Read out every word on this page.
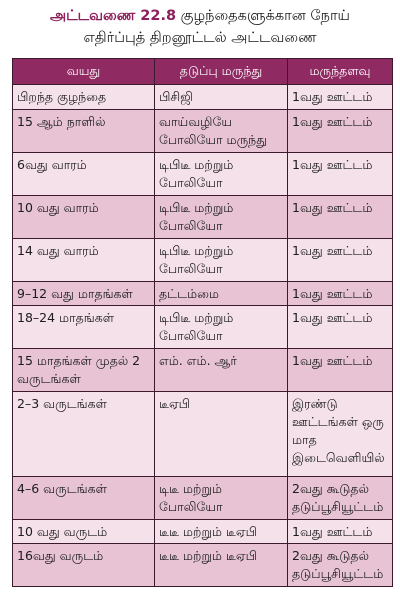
அட்டவணை 22.8 குழந்தைகளுக்கான நோய்
எதிர்ப்புத் திறனூட்டல் அட்டவணை
வயது	தடுப்பு மருந்து	மருந்தளவு
பிறந்த குழந்தை	பிசிஜி	1வது ஊட்டம்
15 ஆம் நாளில்	வாய்வழியே போலியோ மருந்து	1வது ஊட்டம்
6வது வாரம்	டிபிடீ மற்றும் போலியோ	1வது ஊட்டம்
10 வது வாரம்	டிபிடீ மற்றும் போலியோ	1வது ஊட்டம்
14 வது வாரம்	டிபிடீ மற்றும் போலியோ	1வது ஊட்டம்
9–12 வது மாதங்கள்	தட்டம்மை	1வது ஊட்டம்
18–24 மாதங்கள்	டிபிடீ மற்றும் போலியோ	1வது ஊட்டம்
15 மாதங்கள் முதல் 2 வருடங்கள்	எம். எம். ஆர்	1வது ஊட்டம்
2–3 வருடங்கள்	டீஏபி	இரண்டு ஊட்டங்கள் ஒரு மாத இடைவெளியில்
4–6 வருடங்கள்	டிடீ மற்றும் போலியோ	2வது கூடுதல் தடுப்பூசியூட்டம்
10 வது வருடம்	டீடீ மற்றும் டீஏபி	1வது ஊட்டம்
16வது வருடம்	டீடீ மற்றும் டீஏபி	2வது கூடுதல் தடுப்பூசியூட்டம்
